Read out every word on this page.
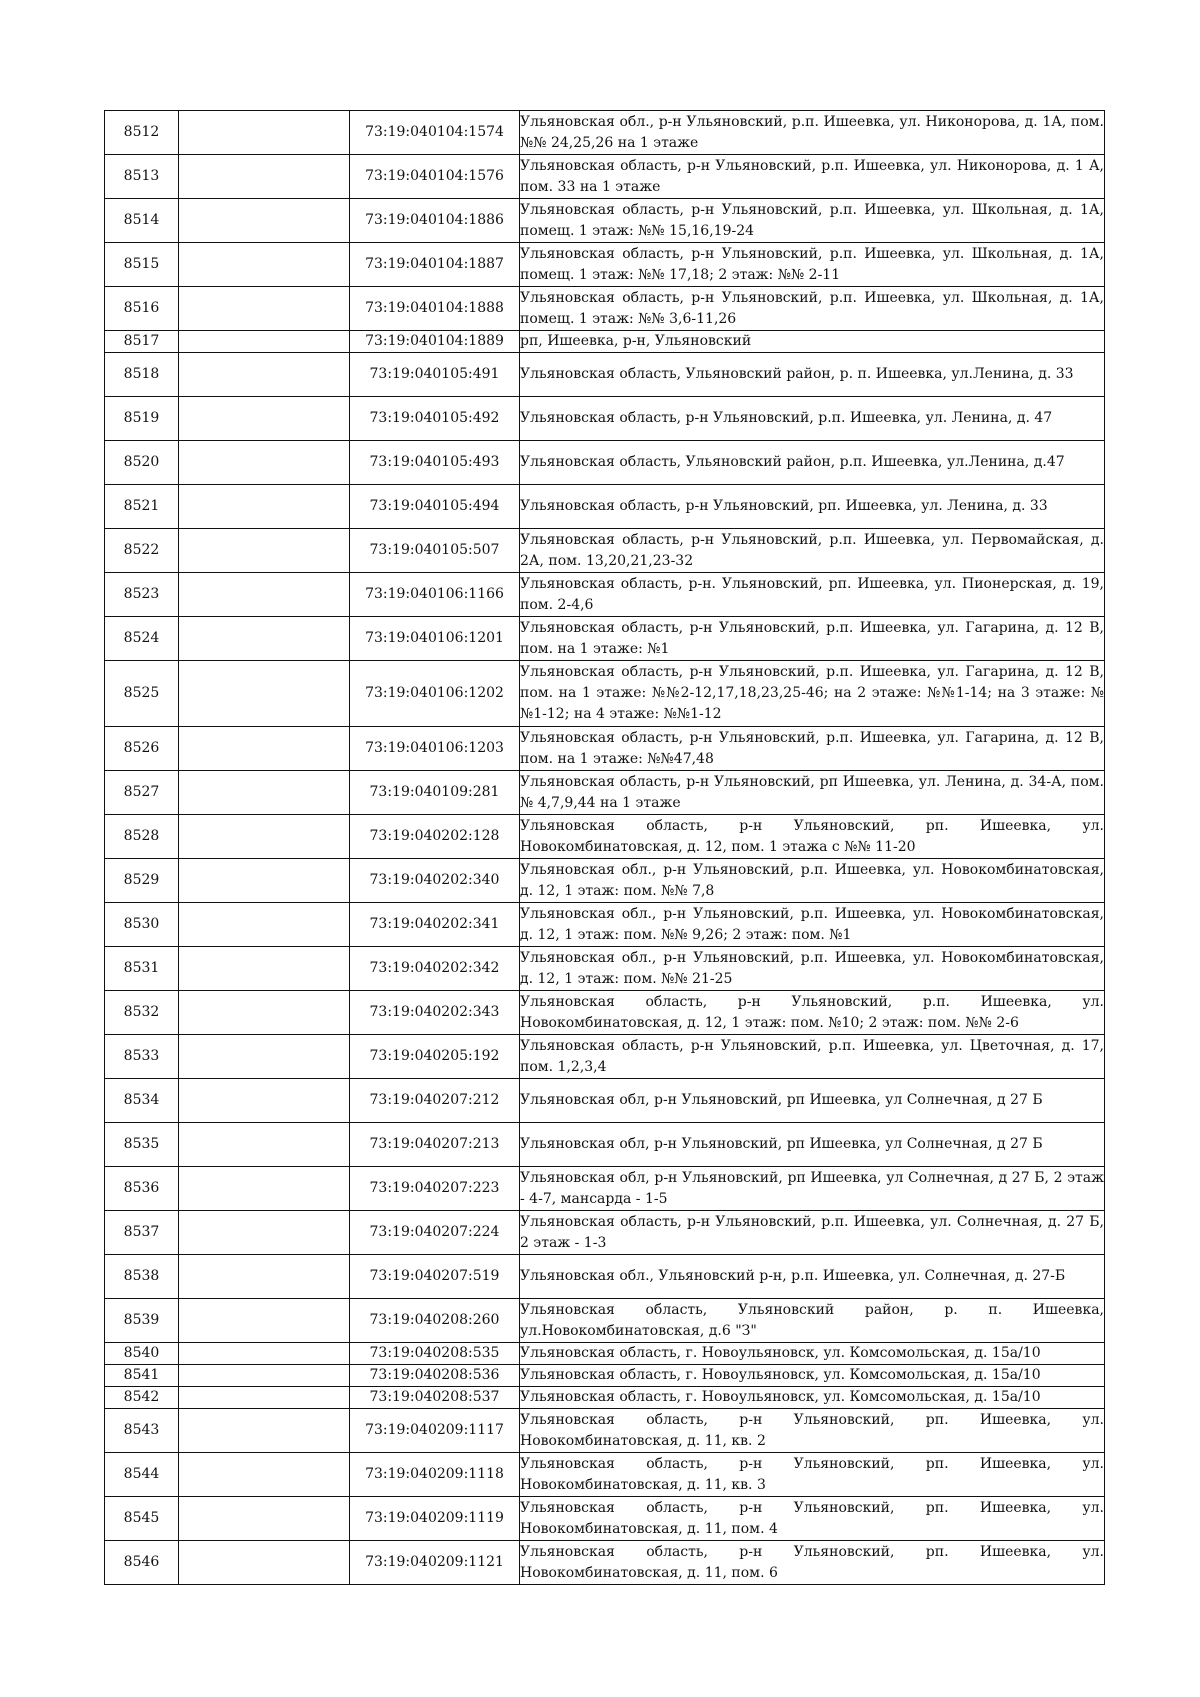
8512		73:19:040104:1574	Ульяновская обл., р-н Ульяновский, р.п. Ишеевка, ул. Никонорова, д. 1А, пом. №№ 24,25,26 на 1 этаже
8513		73:19:040104:1576	Ульяновская область, р-н Ульяновский, р.п. Ишеевка, ул. Никонорова, д. 1 А, пом. 33 на 1 этаже
8514		73:19:040104:1886	Ульяновская область, р-н Ульяновский, р.п. Ишеевка, ул. Школьная, д. 1А, помещ. 1 этаж: №№ 15,16,19-24
8515		73:19:040104:1887	Ульяновская область, р-н Ульяновский, р.п. Ишеевка, ул. Школьная, д. 1А, помещ. 1 этаж: №№ 17,18; 2 этаж: №№ 2-11
8516		73:19:040104:1888	Ульяновская область, р-н Ульяновский, р.п. Ишеевка, ул. Школьная, д. 1А, помещ. 1 этаж: №№ 3,6-11,26
8517		73:19:040104:1889	рп, Ишеевка, р-н, Ульяновский
8518		73:19:040105:491	Ульяновская область, Ульяновский район, р. п. Ишеевка, ул.Ленина, д. 33
8519		73:19:040105:492	Ульяновская область, р-н Ульяновский, р.п. Ишеевка, ул. Ленина, д. 47
8520		73:19:040105:493	Ульяновская область, Ульяновский район, р.п. Ишеевка, ул.Ленина, д.47
8521		73:19:040105:494	Ульяновская область, р-н Ульяновский, рп. Ишеевка, ул. Ленина, д. 33
8522		73:19:040105:507	Ульяновская область, р-н Ульяновский, р.п. Ишеевка, ул. Первомайская, д. 2А, пом. 13,20,21,23-32
8523		73:19:040106:1166	Ульяновская область, р-н. Ульяновский, рп. Ишеевка, ул. Пионерская, д. 19, пом. 2-4,6
8524		73:19:040106:1201	Ульяновская область, р-н Ульяновский, р.п. Ишеевка, ул. Гагарина, д. 12 В, пом. на 1 этаже: №1
8525		73:19:040106:1202	Ульяновская область, р-н Ульяновский, р.п. Ишеевка, ул. Гагарина, д. 12 В, пом. на 1 этаже: №№2-12,17,18,23,25-46; на 2 этаже: №№1-14; на 3 этаже: №№1-12; на 4 этаже: №№1-12
8526		73:19:040106:1203	Ульяновская область, р-н Ульяновский, р.п. Ишеевка, ул. Гагарина, д. 12 В, пом. на 1 этаже: №№47,48
8527		73:19:040109:281	Ульяновская область, р-н Ульяновский, рп Ишеевка, ул. Ленина, д. 34-А, пом. № 4,7,9,44 на 1 этаже
8528		73:19:040202:128	Ульяновская область, р-н Ульяновский, рп. Ишеевка, ул. Новокомбинатовская, д. 12, пом. 1 этажа с №№ 11-20
8529		73:19:040202:340	Ульяновская обл., р-н Ульяновский, р.п. Ишеевка, ул. Новокомбинатовская, д. 12, 1 этаж: пом. №№ 7,8
8530		73:19:040202:341	Ульяновская обл., р-н Ульяновский, р.п. Ишеевка, ул. Новокомбинатовская, д. 12, 1 этаж: пом. №№ 9,26; 2 этаж: пом. №1
8531		73:19:040202:342	Ульяновская обл., р-н Ульяновский, р.п. Ишеевка, ул. Новокомбинатовская, д. 12, 1 этаж: пом. №№ 21-25
8532		73:19:040202:343	Ульяновская область, р-н Ульяновский, р.п. Ишеевка, ул. Новокомбинатовская, д. 12, 1 этаж: пом. №10; 2 этаж: пом. №№ 2-6
8533		73:19:040205:192	Ульяновская область, р-н Ульяновский, р.п. Ишеевка, ул. Цветочная, д. 17, пом. 1,2,3,4
8534		73:19:040207:212	Ульяновская обл, р-н Ульяновский, рп Ишеевка, ул Солнечная, д 27 Б
8535		73:19:040207:213	Ульяновская обл, р-н Ульяновский, рп Ишеевка, ул Солнечная, д 27 Б
8536		73:19:040207:223	Ульяновская обл, р-н Ульяновский, рп Ишеевка, ул Солнечная, д 27 Б, 2 этаж - 4-7, мансарда - 1-5
8537		73:19:040207:224	Ульяновская область, р-н Ульяновский, р.п. Ишеевка, ул. Солнечная, д. 27 Б, 2 этаж - 1-3
8538		73:19:040207:519	Ульяновская обл., Ульяновский р-н, р.п. Ишеевка, ул. Солнечная, д. 27-Б
8539		73:19:040208:260	Ульяновская область, Ульяновский район, р. п. Ишеевка, ул.Новокомбинатовская, д.6 "З"
8540		73:19:040208:535	Ульяновская область, г. Новоульяновск, ул. Комсомольская, д. 15а/10
8541		73:19:040208:536	Ульяновская область, г. Новоульяновск, ул. Комсомольская, д. 15а/10
8542		73:19:040208:537	Ульяновская область, г. Новоульяновск, ул. Комсомольская, д. 15а/10
8543		73:19:040209:1117	Ульяновская область, р-н Ульяновский, рп. Ишеевка, ул. Новокомбинатовская, д. 11, кв. 2
8544		73:19:040209:1118	Ульяновская область, р-н Ульяновский, рп. Ишеевка, ул. Новокомбинатовская, д. 11, кв. 3
8545		73:19:040209:1119	Ульяновская область, р-н Ульяновский, рп. Ишеевка, ул. Новокомбинатовская, д. 11, пом. 4
8546		73:19:040209:1121	Ульяновская область, р-н Ульяновский, рп. Ишеевка, ул. Новокомбинатовская, д. 11, пом. 6
